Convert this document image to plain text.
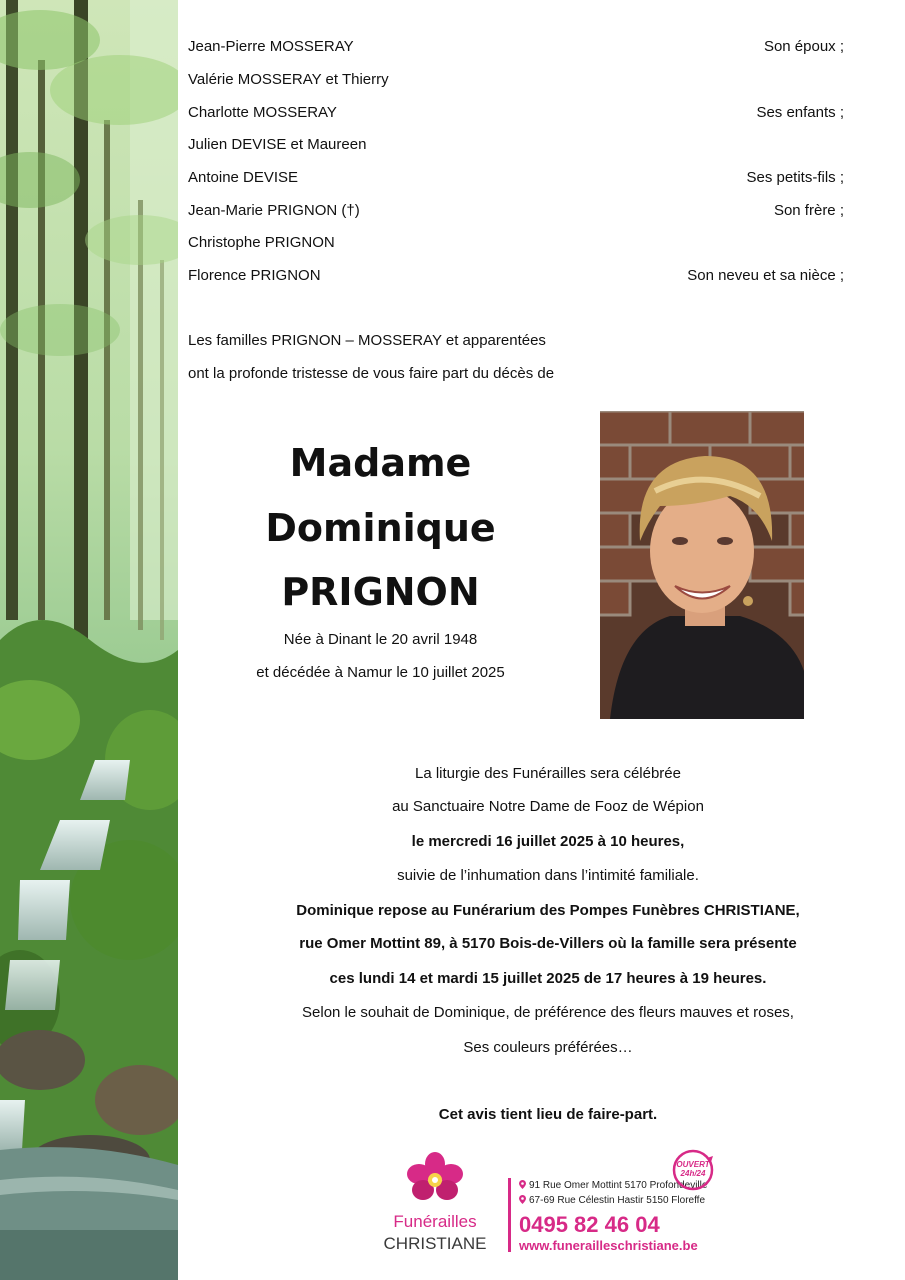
Jean-Pierre MOSSERAY	Son époux ;
Valérie MOSSERAY et Thierry
Charlotte MOSSERAY	Ses enfants ;
Julien DEVISE et Maureen
Antoine DEVISE	Ses petits-fils ;
Jean-Marie PRIGNON (†)	Son frère ;
Christophe PRIGNON
Florence PRIGNON	Son neveu et sa nièce ;
Les familles PRIGNON – MOSSERAY et apparentées
ont la profonde tristesse de vous faire part du décès de
Madame
Dominique
PRIGNON
Née à Dinant le 20 avril 1948
et décédée à Namur le 10 juillet 2025
La liturgie des Funérailles sera célébrée
au Sanctuaire Notre Dame de Fooz de Wépion
le mercredi 16 juillet 2025 à 10 heures,
suivie de l’inhumation dans l’intimité familiale.
Dominique repose au Funérarium des Pompes Funèbres CHRISTIANE,
rue Omer Mottint 89, à 5170 Bois-de-Villers où la famille sera présente
ces lundi 14 et mardi 15 juillet 2025 de 17 heures à 19 heures.
Selon le souhait de Dominique, de préférence des fleurs mauves et roses,
Ses couleurs préférées…
Cet avis tient lieu de faire-part.
Funérailles
CHRISTIANE
91 Rue Omer Mottint 5170 Profondeville
67-69 Rue Célestin Hastir 5150 Floreffe
0495 82 46 04
www.funerailleschristiane.be
OUVERT
24h/24
